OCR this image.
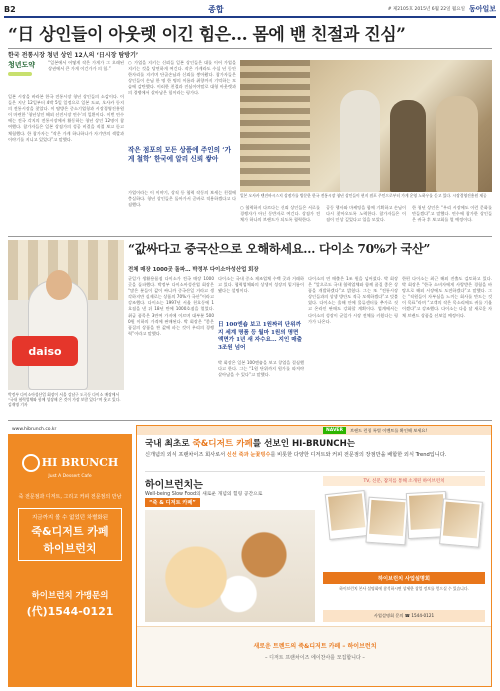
B2	종합	# 제2105호 2015년 6월 22일 월요일 동아일보
“日 상인들이 아웃렛 이긴 힘은… 몸에 밴 친절과 진심”
한국 전통시장 청년 상인 12人의 ‘日시장 탐방기’
청년도약	“일본에서 어떻게 작은 가게가 그 오래된 상권에서 큰 가게 이긴가가 의 힘.”
일본 시장을 바라본 한국 전통시장 청년 상인들의 소감이다. 이들은 지난 12일부터 4박 5일 일정으로 일본 도쿄, 오사카 등지의 전통시장을 찾았다. 이 탐방은 중소기업청과 시장경영진흥원이 마련한 ‘청년상인 해외 선진시장 연수’의 일환이다. 이번 연수에는 전국 각지의 전통시장에서 활동하는 청년 상인 12명이 참여했다. 참가자들은 일본 상점가의 성공 비결을 직접 보고 듣고 체험했다. 한 참가자는 “작은 가게 하나하나가 자기만의 색깔과 이야기를 지니고 있었다”고 말했다.
○ 가업을 지키는 신뢰들 일본 상인들은 대를 이어 가업을 지키는 것을 당연하게 여긴다. 작은 가게라도 수십 년 동안 한자리를 지키며 단골손님과 신뢰를 쌓아왔다. 참가자들은 상인들이 손님 한 명 한 명의 이름과 취향까지 기억하는 모습에 감탄했다. 이러한 친절과 진심이야말로 대형 아웃렛과의 경쟁에서 살아남은 힘이라는 평가다.
작은 점포의 모든 상품에 주인의 ‘가게 철학’ 한국에 알리 신뢰 쌓아
가업이라는 이 이야기, 상직 등 협력 작동의 보세는 친절에 충실하다. 청년 상인들은 돌아가서 곧바로 적용하겠다고 다짐했다.
일본 오사카 텐진바시스지 상점가를 방문한 한국 전통시장 청년 상인들이 현지 점포 주인으로부터 가게 운영 노하우를 듣고 있다. 시장경영진흥원 제공
○ 협력하지 다르다는 신뢰 상인들은 서로를 경쟁자가 아닌 동반자로 여긴다. 상점가 전체가 하나의 브랜드가 되도록 협력한다.
공동 행사와 마케팅을 함께 기획하고 손님이 다시 찾아오도록 노력한다. 참가자들은 이 점이 인상 깊었다고 입을 모았다.
한 청년 상인은 “우리 시장에도 이런 문화를 만들겠다”고 말했다. 연수에 참가한 상인들은 귀국 후 보고회를 열 예정이다.
daiso
박정부 다이소아성산업 회장이 서울 강남구 도곡동 다이소 매장에서 “국내 협력업체와 함께 성장해 온 것이 가장 보람 있다”며 웃고 있다. 김재명 기자
“값싸다고 중국산으로 오해하세요… 다이소 70%가 국산”
전체 매장 1000곳 돌파… 박정부 다이소아성산업 회장
균일가 생활용품점 다이소가 전국 매장 1000곳을 돌파했다. 박정부 다이소아성산업 회장은 “많은 분들이 값이 싸니까 중국산일 거라고 생각하지만 실제로는 상품의 70%가 국산”이라고 강조했다. 다이소는 1997년 서울 천호동에 1호점을 낸 뒤 18년 만에 1000호점을 열었다. 취급 품목은 3만여 가지에 이르며 대부분 5000원 이하의 가격에 판매된다. 박 회장은 “좋은 품질의 상품을 싼 값에 파는 것이 우리의 경쟁력”이라고 말했다.
다이소는 국내 중소 제조업체 수백 곳과 거래하고 있다. 협력업체와의 상생이 성장의 밑거름이 됐다는 설명이다.
日 100엔숍 보고 1원짜리 단위까지 세계 명품 등 월마 1원의 명면 액면가 1년 새 자수요… 지인 매출 3조원 넘어
박 회장은 일본 100엔숍을 보고 창업을 결심했다고 한다. 그는 “1원 단위까지 원가를 따져야 살아남을 수 있다”고 말했다.
다이소의 연 매출은 1조 원을 넘어섰다. 박 회장은 “앞으로도 국내 협력업체와 함께 품질 좋은 상품을 개발하겠다”고 밝혔다. 그는 또 “전통시장 상인들과의 상생 방안도 적극 모색하겠다”고 덧붙였다. 다이소는 올해 안에 물류센터를 추가로 짓고 온라인 판매도 강화할 계획이다. 업계에서는 다이소의 성장이 균일가 시장 전체를 키웠다는 평가가 나온다.
한편 다이소는 최근 해외 진출도 검토하고 있다. 박 회장은 “한국 소비자에게 사랑받은 경험을 바탕으로 해외 시장에도 도전하겠다”고 말했다. 그는 “직원들이 자부심을 느끼는 회사를 만드는 것이 목표”라며 “고객의 작은 목소리에도 귀를 기울이겠다”고 강조했다. 다이소는 다음 달 새로운 자체 브랜드 상품을 선보일 예정이다.
www.hibrunch.co.kr
HI BRUNCH
Just A Dessert Cafe
죽 전문점과 디저트, 그리고 커피 전문점의 만남
지금까지 볼 수 없었던 차별화된
죽&디저트 카페
하이브런치
하이브런치 가맹문의
(代)1544-0121
NAVER	브랜드 런칭 특별 이벤트를 확인해 보세요!
국내 최초로 죽&디저트 카페를 선보인 HI-BRUNCH는
신개념의 외식 프랜차이즈 회사로서 신선 죽과 눈꽃빙수를 비롯한 다양한 디저트와 커피 전문점의 장점만을 배합한 외식 Trend입니다.
하이브런치는
Well-being Slow Food의 새로운 개념의 힐링 공간으로
“죽 & 디저트 카페”
TV, 신문, 잡지를 통해 소개된 하이브런치
하이브런치 사업설명회
하이브런치 본사 설명회에 참석하시면 상세한 창업 정보를 얻으실 수 있습니다.
사업설명회 문의 ☎ 1544-0121
새로운 트렌드의 죽&디저트 카페 – 하이브런치
– 디저트 프랜차이즈 에이찬사를 모집합니다 –
